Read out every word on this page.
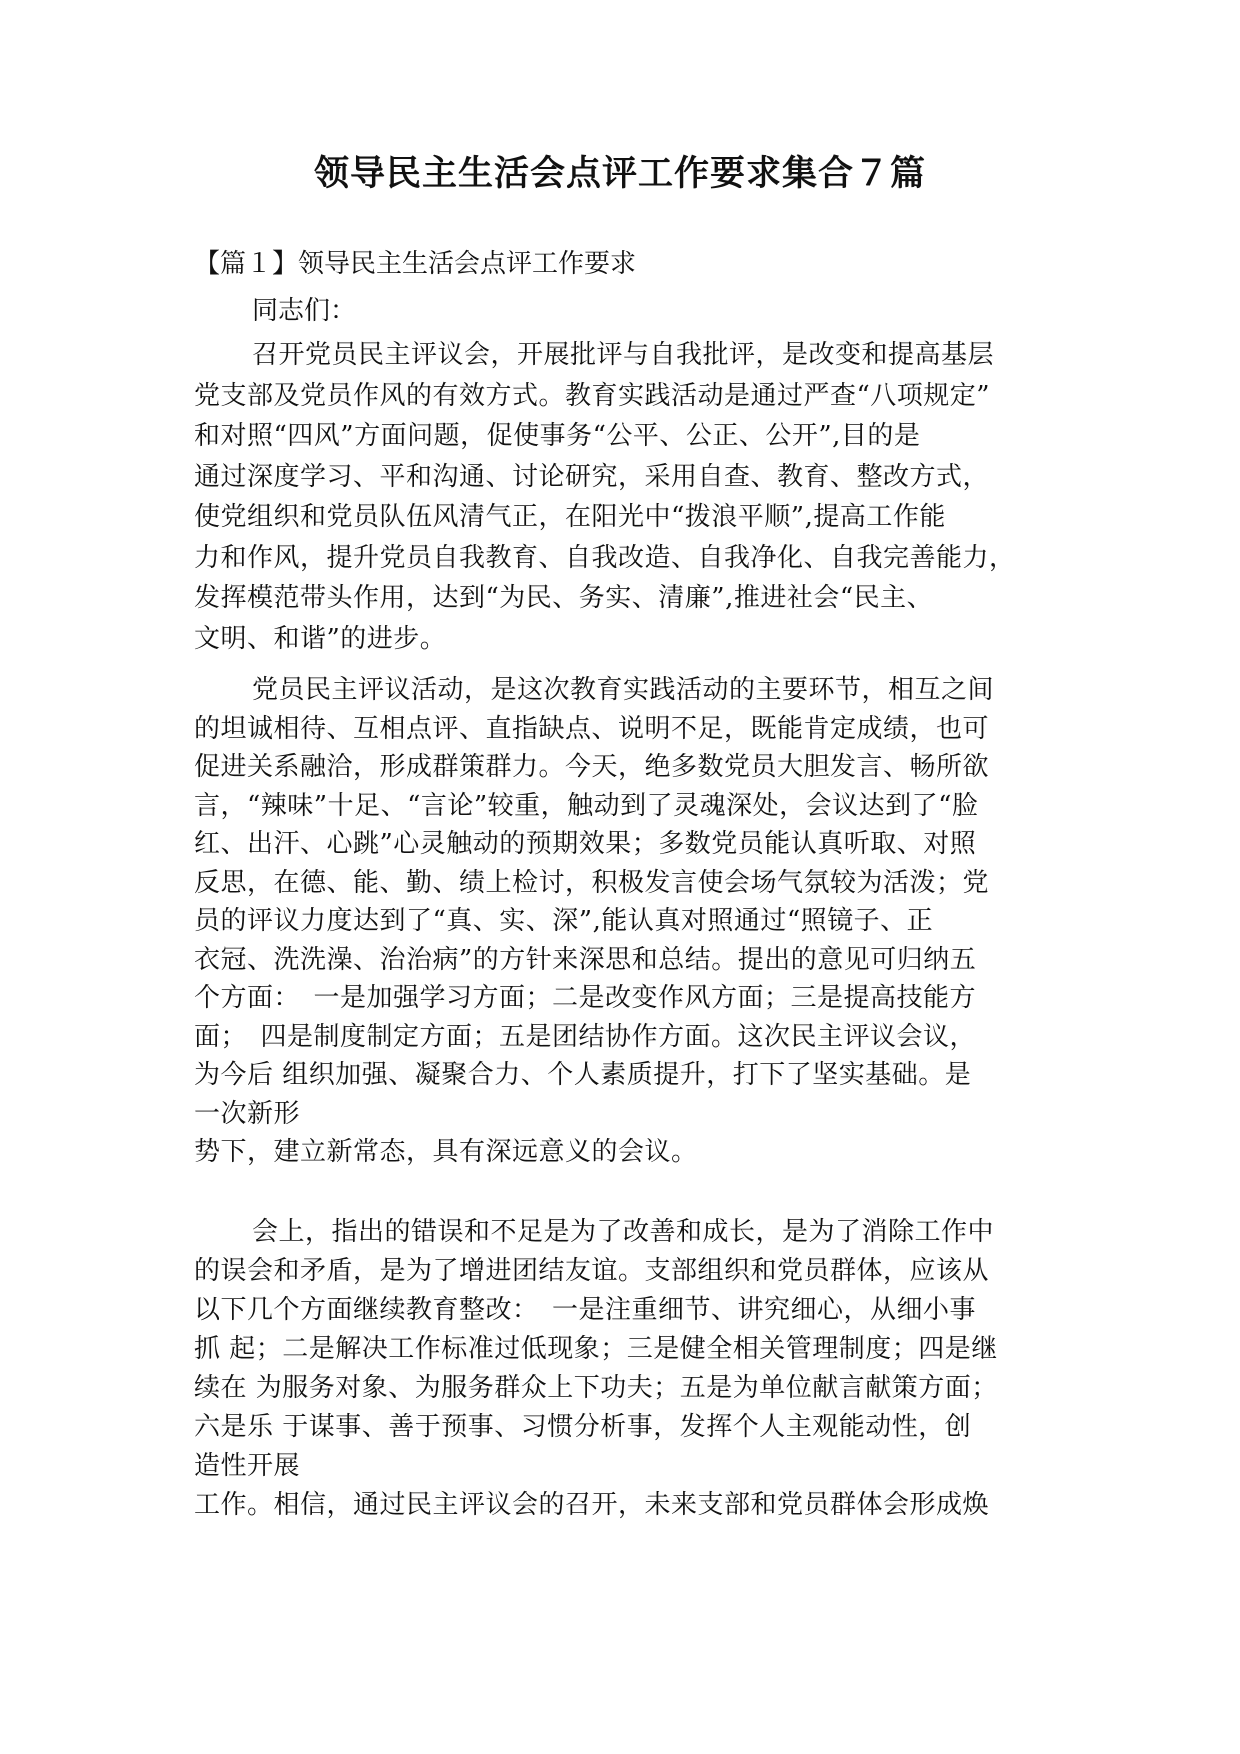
领导民主生活会点评工作要求集合７篇
【篇１】领导民主生活会点评工作要求
同志们：
召开党员民主评议会，开展批评与自我批评，是改变和提高基层
党支部及党员作风的有效方式。教育实践活动是通过严查“八项规定”
和对照“四风”方面问题，促使事务“公平、公正、公开”,目的是
通过深度学习、平和沟通、讨论研究，采用自查、教育、整改方式，
使党组织和党员队伍风清气正，在阳光中“拨浪平顺”,提高工作能
力和作风，提升党员自我教育、自我改造、自我净化、自我完善能力，
发挥模范带头作用，达到“为民、务实、清廉”,推进社会“民主、
文明、和谐”的进步。
党员民主评议活动，是这次教育实践活动的主要环节，相互之间
的坦诚相待、互相点评、直指缺点、说明不足，既能肯定成绩，也可
促进关系融洽，形成群策群力。今天，绝多数党员大胆发言、畅所欲
言，“辣味”十足、“言论”较重，触动到了灵魂深处，会议达到了“脸
红、出汗、心跳”心灵触动的预期效果；多数党员能认真听取、对照
反思，在德、能、勤、绩上检讨，积极发言使会场气氛较为活泼；党
员的评议力度达到了“真、实、深”,能认真对照通过“照镜子、正
衣冠、洗洗澡、治治病”的方针来深思和总结。提出的意见可归纳五
个方面：　一是加强学习方面；二是改变作风方面；三是提高技能方
面；　四是制度制定方面；五是团结协作方面。这次民主评议会议，
为今后 组织加强、凝聚合力、个人素质提升，打下了坚实基础。是
一次新形
势下，建立新常态，具有深远意义的会议。
会上，指出的错误和不足是为了改善和成长，是为了消除工作中
的误会和矛盾，是为了增进团结友谊。支部组织和党员群体，应该从
以下几个方面继续教育整改：　一是注重细节、讲究细心，从细小事
抓 起；二是解决工作标准过低现象；三是健全相关管理制度；四是继
续在 为服务对象、为服务群众上下功夫；五是为单位献言献策方面；
六是乐 于谋事、善于预事、习惯分析事，发挥个人主观能动性，创
造性开展
工作。相信，通过民主评议会的召开，未来支部和党员群体会形成焕
